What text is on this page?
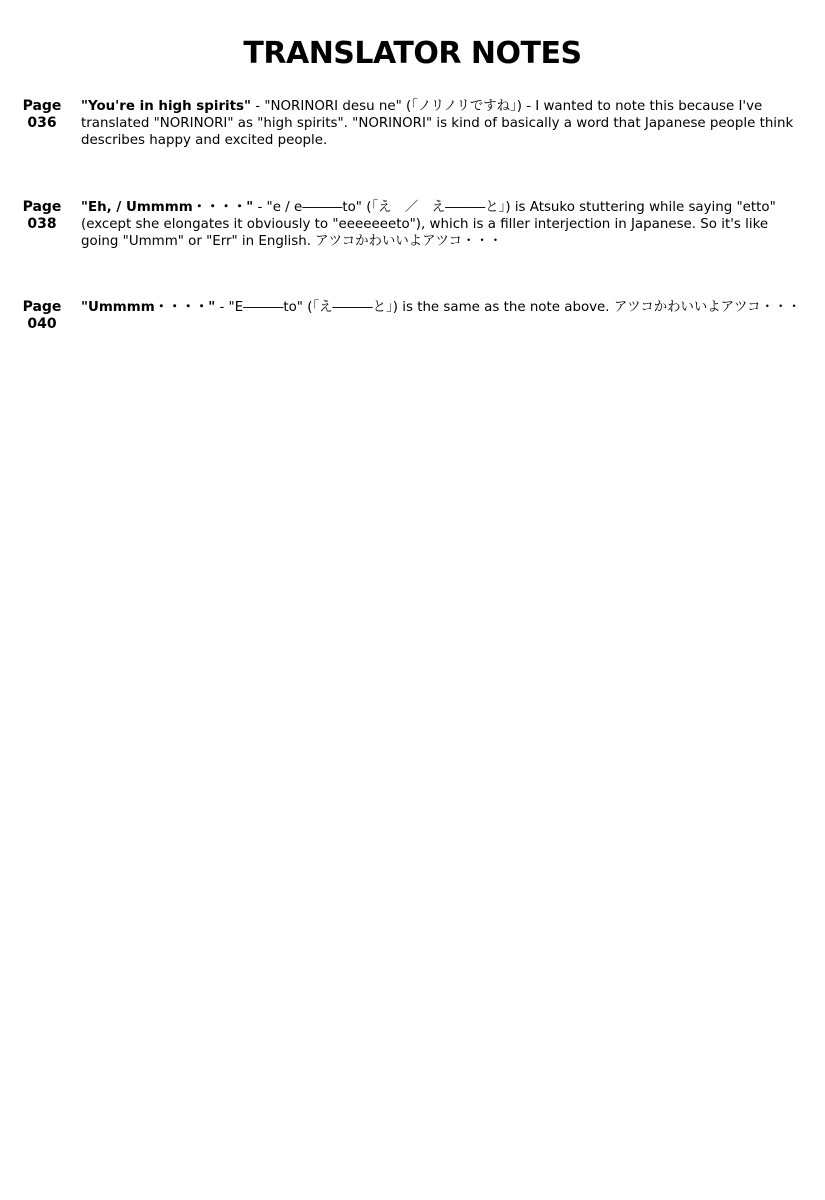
TRANSLATOR NOTES
Page
036
"You're in high spirits" - "NORINORI desu ne" (「ノリノリですね」) - I wanted to note this because I've translated "NORINORI" as "high spirits". "NORINORI" is kind of basically a word that Japanese people think describes happy and excited people.
Page
038
"Eh, / Ummmm・・・・" - "e / e―――to" (「え　／　え―――と」) is Atsuko stuttering while saying "etto" (except she elongates it obviously to "eeeeeeeto"), which is a filler interjection in Japanese. So it's like going "Ummm" or "Err" in English. アツコかわいいよアツコ・・・
Page
040
"Ummmm・・・・" - "E―――to" (「え―――と」) is the same as the note above. アツコかわいいよアツコ・・・
